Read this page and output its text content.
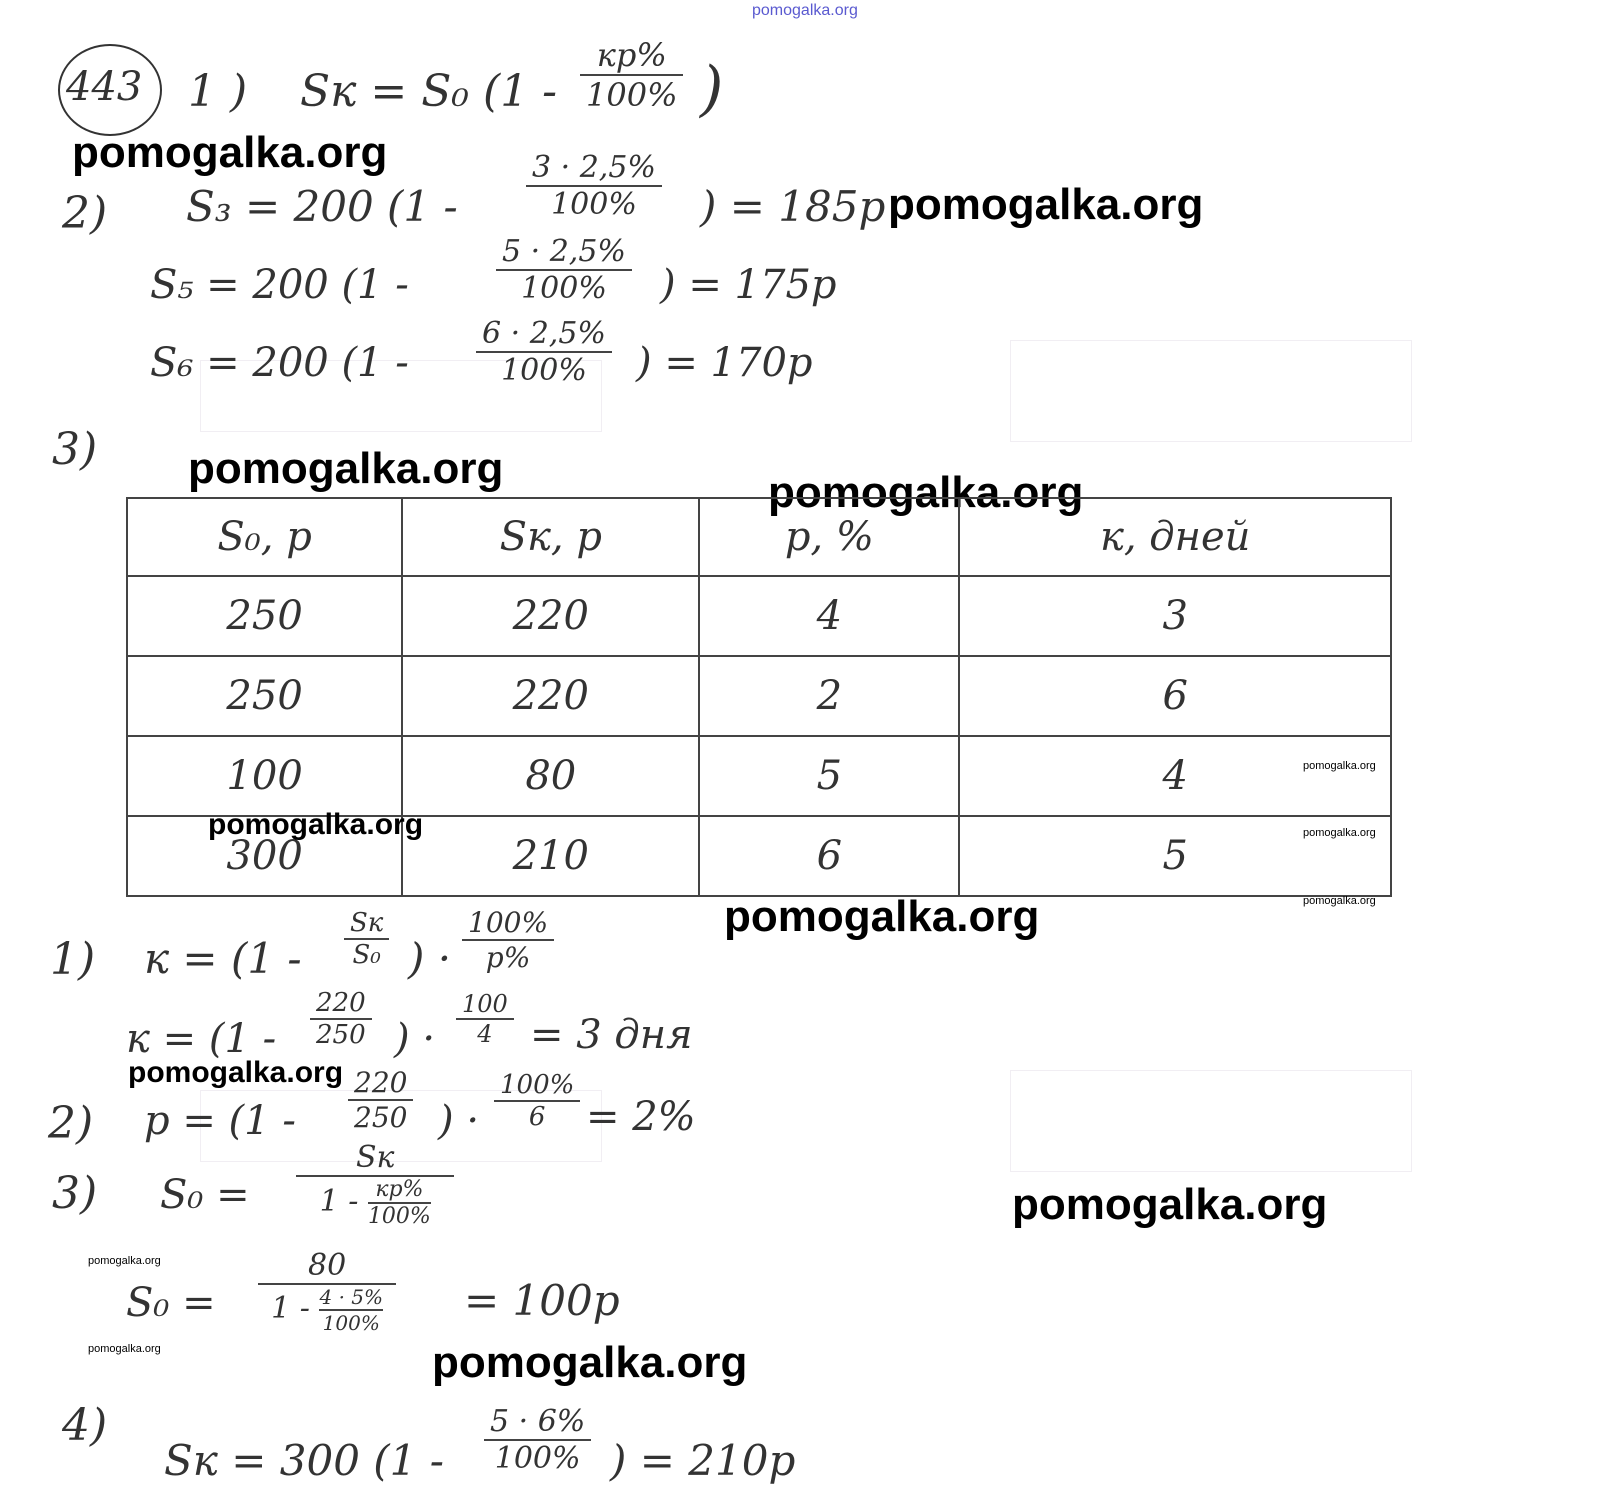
pomogalka.org
443 1 ) Sк = S₀ (1 -
кр%
100% )
pomogalka.org
2) S₃ = 200 ($1 - \frac{3 \cdot 2,5\%}{100\%}$ ) = 185р pomogalka.org
S₅ = 200 (1 -	$\frac{5 \cdot 2,5\%}{100\%}$ ) = 175р
S₆ = 200 ($1 - \frac{6 \cdot 2,5\%}{100\%}$ ) = 170р
3) pomogalka.org	pomogalka.org
S₀, р	Sк, р	р, %	к, дней
250	220	4	3
250	220	2	6
100	80	5	4
300	210	6	5
pomogalka.org
pomogalka.org
pomogalka.org
pomogalka.org
pomogalka.org
1) к = (1 -
Sк
S₀ ) ·
100%
р%
$к = (1 - \frac{220}{250}$ ) · $\frac{100}{4} = 3$ дня
pomogalka.org
2) $р = (1 - \frac{220}{250}$ ) · $\frac{100\%}{6} = 2\%$
3) S₀ =
Sк
1 - кр%
100%	pomogalka.org
pomogalka.org
$S_0 = \frac{80}{1 - \frac{4 \cdot 5\%}{100\%}} = 100р$
pomogalka.org	pomogalka.org
4)
Sк = 300 ($1 - \frac{5 \cdot 6\%}{100\%}$ ) = 210р
